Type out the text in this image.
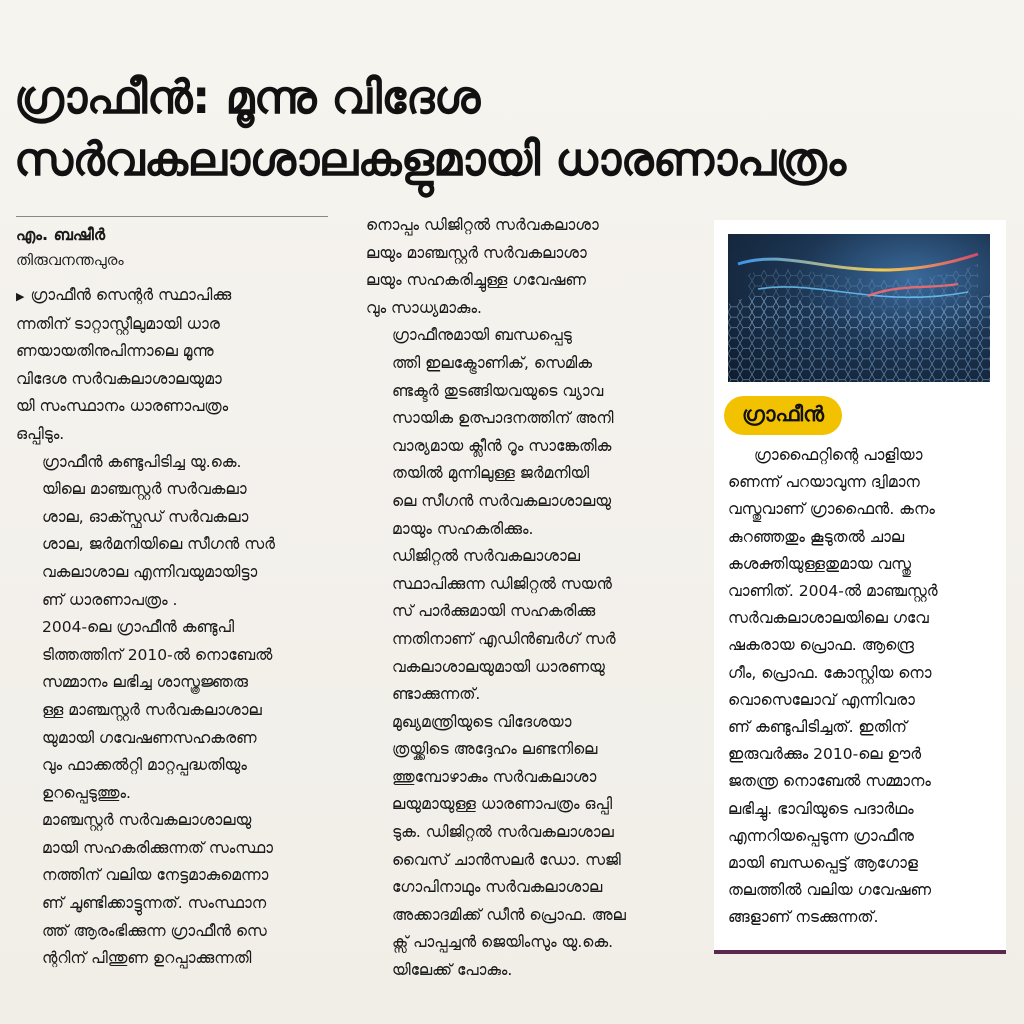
ഗ്രാഫീൻ: മൂന്നു വിദേശ
സർവകലാശാലകളുമായി ധാരണാപത്രം
എം. ബഷീർ
തിരുവനന്തപുരം

▶ ഗ്രാഫീൻ സെന്റർ സ്ഥാപിക്കു
ന്നതിന് ടാറ്റാസ്റ്റീലുമായി ധാര
ണയായതിനുപിന്നാലെ മൂന്നു
വിദേശ സർവകലാശാലയുമാ
യി സംസ്ഥാനം ധാരണാപത്രം
ഒപ്പിടും.

ഗ്രാഫീൻ കണ്ടുപിടിച്ച യു.കെ.
യിലെ മാഞ്ചസ്റ്റർ സർവകലാ
ശാല, ഓക്സ്ഫഡ് സർവകലാ
ശാല, ജർമനിയിലെ സീഗൻ സർ
വകലാശാല എന്നിവയുമായിട്ടാ
ണ് ധാരണാപത്രം .

2004-ലെ ഗ്രാഫീൻ കണ്ടുപി
ടിത്തത്തിന് 2010-ൽ നൊബേൽ
സമ്മാനം ലഭിച്ച ശാസ്ത്രജ്ഞരു
ള്ള മാഞ്ചസ്റ്റർ സർവകലാശാല
യുമായി ഗവേഷണസഹകരണ
വും ഫാക്കൽറ്റി മാറ്റപ്പദ്ധതിയും
ഉറപ്പെടുത്തും.

മാഞ്ചസ്റ്റർ സർവകലാശാലയു
മായി സഹകരിക്കുന്നത് സംസ്ഥാ
നത്തിന് വലിയ നേട്ടമാകുമെന്നാ
ണ് ചൂണ്ടിക്കാട്ടുന്നത്. സംസ്ഥാന
ത്ത് ആരംഭിക്കുന്ന ഗ്രാഫീൻ സെ
ന്ററിന് പിന്തുണ ഉറപ്പാക്കുന്നതി

നൊപ്പം ഡിജിറ്റൽ സർവകലാശാ
ലയും മാഞ്ചസ്റ്റർ സർവകലാശാ
ലയും സഹകരിച്ചുള്ള ഗവേഷണ
വും സാധ്യമാകും.

ഗ്രാഫീനുമായി ബന്ധപ്പെടു
ത്തി ഇലക്ട്രോണിക്, സെമിക
ണ്ടക്ടർ തുടങ്ങിയവയുടെ വ്യാവ
സായിക ഉത്പാദനത്തിന് അനി
വാര്യമായ ക്ലീൻ റൂം സാങ്കേതിക
തയിൽ മുന്നിലുള്ള ജർമനിയി
ലെ സീഗൻ സർവകലാശാലയു
മായും സഹകരിക്കും.

ഡിജിറ്റൽ സർവകലാശാല
സ്ഥാപിക്കുന്ന ഡിജിറ്റൽ സയൻ
സ് പാർക്കുമായി സഹകരിക്കു
ന്നതിനാണ് എഡിൻബർഗ് സർ
വകലാശാലയുമായി ധാരണയു
ണ്ടാക്കുന്നത്.

മുഖ്യമന്ത്രിയുടെ വിദേശയാ
ത്രയ്ക്കിടെ അദ്ദേഹം ലണ്ടനിലെ
ത്തുമ്പോഴാകും സർവകലാശാ
ലയുമായുള്ള ധാരണാപത്രം ഒപ്പി
ടുക. ഡിജിറ്റൽ സർവകലാശാല
വൈസ് ചാൻസലർ ഡോ. സജി
ഗോപിനാഥും സർവകലാശാല
അക്കാദമിക്ക് ഡീൻ പ്രൊഫ. അല
ക്സ് പാപ്പച്ചൻ ജെയിംസും യു.കെ.
യിലേക്ക് പോകും.

ഗ്രാഫീൻ
ഗ്രാഫൈറ്റിന്റെ പാളിയാ
ണെന്ന് പറയാവുന്ന ദ്വിമാന
വസ്തുവാണ് ഗ്രാഫൈൻ. കനം
കുറഞ്ഞതും കൂടുതൽ ചാല
കശക്തിയുള്ളതുമായ വസ്തു
വാണിത്. 2004-ൽ മാഞ്ചസ്റ്റർ
സർവകലാശാലയിലെ ഗവേ
ഷകരായ പ്രൊഫ. ആന്ദ്രെ
ഗീം, പ്രൊഫ. കോസ്റ്റിയ നൊ
വൊസെലോവ് എന്നിവരാ
ണ് കണ്ടുപിടിച്ചത്. ഇതിന്
ഇരുവർക്കും 2010-ലെ ഊർ
ജതന്ത്ര നൊബേൽ സമ്മാനം
ലഭിച്ചു. ഭാവിയുടെ പദാർഥം
എന്നറിയപ്പെടുന്ന ഗ്രാഫീനു
മായി ബന്ധപ്പെട്ട് ആഗോള
തലത്തിൽ വലിയ ഗവേഷണ
ങ്ങളാണ് നടക്കുന്നത്.
